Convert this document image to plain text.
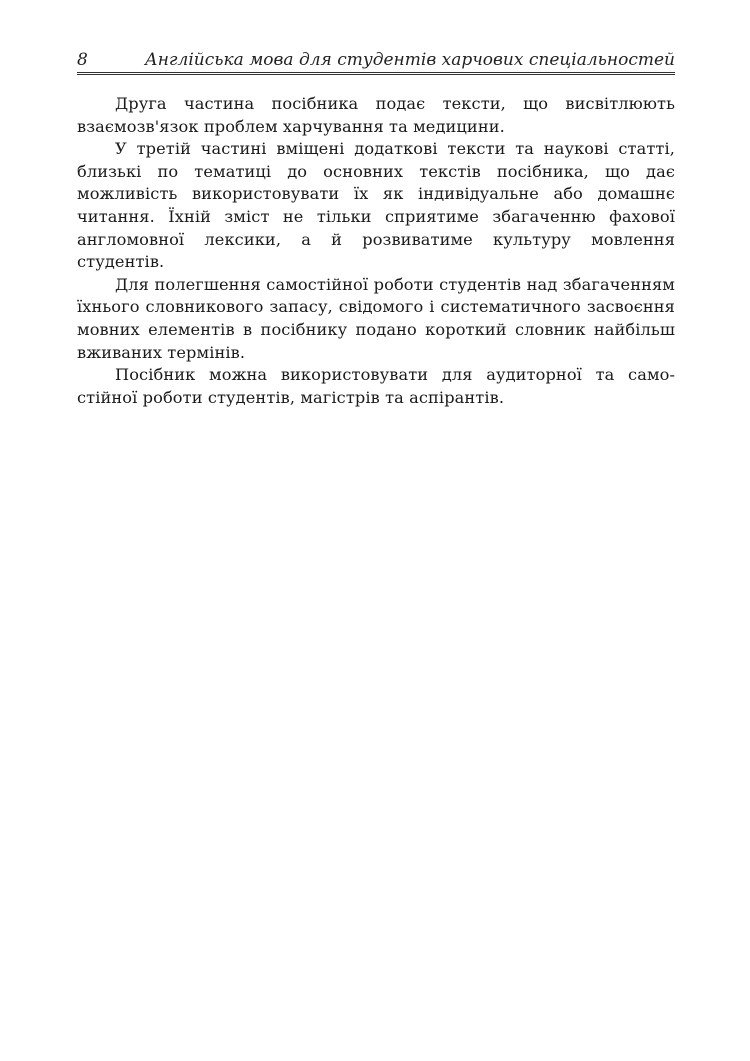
8	Англійська мова для студентів харчових спеціальностей

Друга частина посібника подає тексти, що висвітлюють взаємозв'язок проблем харчування та медицини.

У третій частині вміщені додаткові тексти та наукові статті, близькі по тематиці до основних текстів посібника, що дає можливість використовувати їх як індивідуальне або домашнє читання. Їхній зміст не тільки сприятиме збагаченню фахової англомовної лексики, а й розвиватиме культуру мовлення студентів.

Для полегшення самостійної роботи студентів над збагаченням їхнього словникового запасу, свідомого і систематичного засвоєння мовних елементів в посібнику подано короткий словник найбільш вживаних термінів.

Посібник можна використовувати для аудиторної та самостійної роботи студентів, магістрів та аспірантів.
